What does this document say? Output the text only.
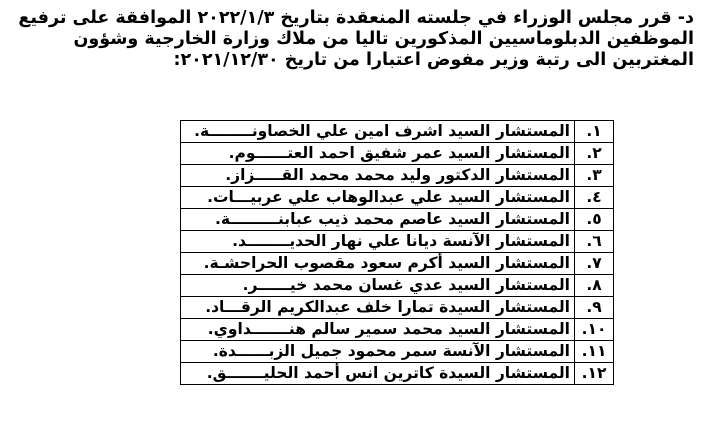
د-قرر مجلس الوزراء في جلسته المنعقدة بتاريخ ٢٠٢٢/١/٣ الموافقة على ترفيع
الموظفين الدبلوماسيين المذكورين تاليا من ملاك وزارة الخارجية وشؤون
المغتربين الى رتبة وزير مفوض اعتبارا من تاريخ ٢٠٢١/١٢/٣٠:
١.	المستشار السيد اشرف امين علي الخصاونــــــــة.
٢.	المستشار السيد عمر شفيق احمد العتــــــوم.
٣.	المستشار الدكتور وليد محمد محمد القـــــزاز.
٤.	المستشار السيد علي عبدالوهاب علي عربيـــات.
٥.	المستشار السيد عاصم محمد ذيب عبابنـــــــــة.
٦.	المستشار الآنسة ديانا علي نهار الحديــــــــد.
٧.	المستشار السيد أكرم سعود مقصوب الحراحشـة.
٨.	المستشار السيد عدي غسان محمد خيــــــر.
٩.	المستشار السيدة تمارا خلف عبدالكريم الرقـــاد.
١٠.	المستشار السيد محمد سمير سالم هنـــــــداوي.
١١.	المستشار الآنسة سمر محمود جميل الزبــــــدة.
١٢.	المستشار السيدة كاترين انس أحمد الحليـــــــق.
